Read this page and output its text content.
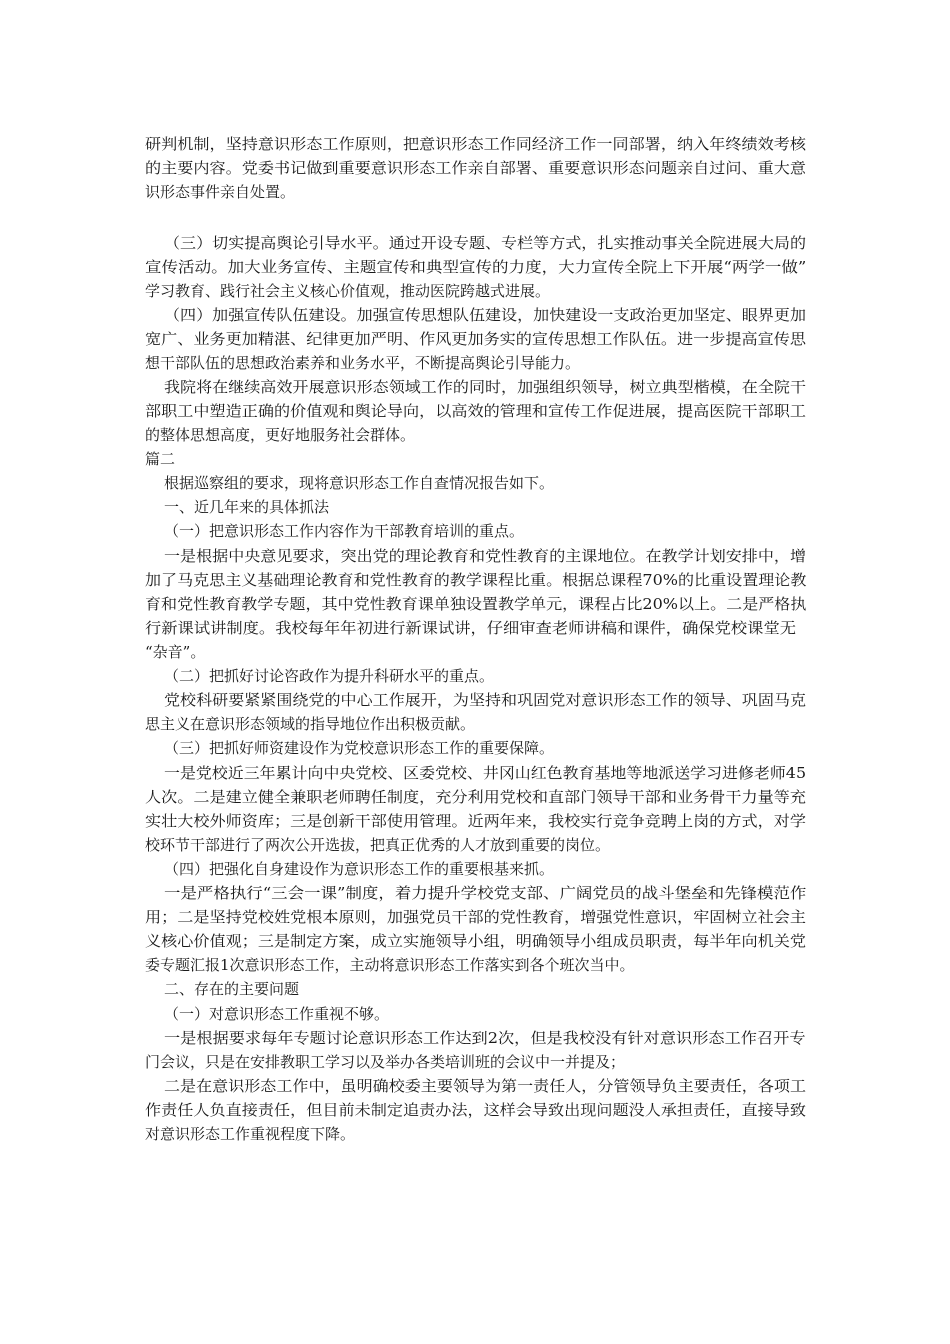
研判机制，坚持意识形态工作原则，把意识形态工作同经济工作一同部署，纳入年终绩效考核
的主要内容。党委书记做到重要意识形态工作亲自部署、重要意识形态问题亲自过问、重大意
识形态事件亲自处置。
（三）切实提高舆论引导水平。通过开设专题、专栏等方式，扎实推动事关全院进展大局的
宣传活动。加大业务宣传、主题宣传和典型宣传的力度，大力宣传全院上下开展“两学一做”
学习教育、践行社会主义核心价值观，推动医院跨越式进展。
（四）加强宣传队伍建设。加强宣传思想队伍建设，加快建设一支政治更加坚定、眼界更加
宽广、业务更加精湛、纪律更加严明、作风更加务实的宣传思想工作队伍。进一步提高宣传思
想干部队伍的思想政治素养和业务水平，不断提高舆论引导能力。
我院将在继续高效开展意识形态领域工作的同时，加强组织领导，树立典型楷模，在全院干
部职工中塑造正确的价值观和舆论导向，以高效的管理和宣传工作促进展，提高医院干部职工
的整体思想高度，更好地服务社会群体。
篇二
根据巡察组的要求，现将意识形态工作自查情况报告如下。
一、近几年来的具体抓法
（一）把意识形态工作内容作为干部教育培训的重点。
一是根据中央意见要求，突出党的理论教育和党性教育的主课地位。在教学计划安排中，增
加了马克思主义基础理论教育和党性教育的教学课程比重。根据总课程70%的比重设置理论教
育和党性教育教学专题，其中党性教育课单独设置教学单元，课程占比20%以上。二是严格执
行新课试讲制度。我校每年年初进行新课试讲，仔细审查老师讲稿和课件，确保党校课堂无
“杂音”。
（二）把抓好讨论咨政作为提升科研水平的重点。
党校科研要紧紧围绕党的中心工作展开，为坚持和巩固党对意识形态工作的领导、巩固马克
思主义在意识形态领域的指导地位作出积极贡献。
（三）把抓好师资建设作为党校意识形态工作的重要保障。
一是党校近三年累计向中央党校、区委党校、井冈山红色教育基地等地派送学习进修老师45
人次。二是建立健全兼职老师聘任制度，充分利用党校和直部门领导干部和业务骨干力量等充
实壮大校外师资库；三是创新干部使用管理。近两年来，我校实行竞争竞聘上岗的方式，对学
校环节干部进行了两次公开选拔，把真正优秀的人才放到重要的岗位。
（四）把强化自身建设作为意识形态工作的重要根基来抓。
一是严格执行“三会一课”制度，着力提升学校党支部、广阔党员的战斗堡垒和先锋模范作
用；二是坚持党校姓党根本原则，加强党员干部的党性教育，增强党性意识，牢固树立社会主
义核心价值观；三是制定方案，成立实施领导小组，明确领导小组成员职责，每半年向机关党
委专题汇报1次意识形态工作，主动将意识形态工作落实到各个班次当中。
二、存在的主要问题
（一）对意识形态工作重视不够。
一是根据要求每年专题讨论意识形态工作达到2次，但是我校没有针对意识形态工作召开专
门会议，只是在安排教职工学习以及举办各类培训班的会议中一并提及；
二是在意识形态工作中，虽明确校委主要领导为第一责任人，分管领导负主要责任，各项工
作责任人负直接责任，但目前未制定追责办法，这样会导致出现问题没人承担责任，直接导致
对意识形态工作重视程度下降。
